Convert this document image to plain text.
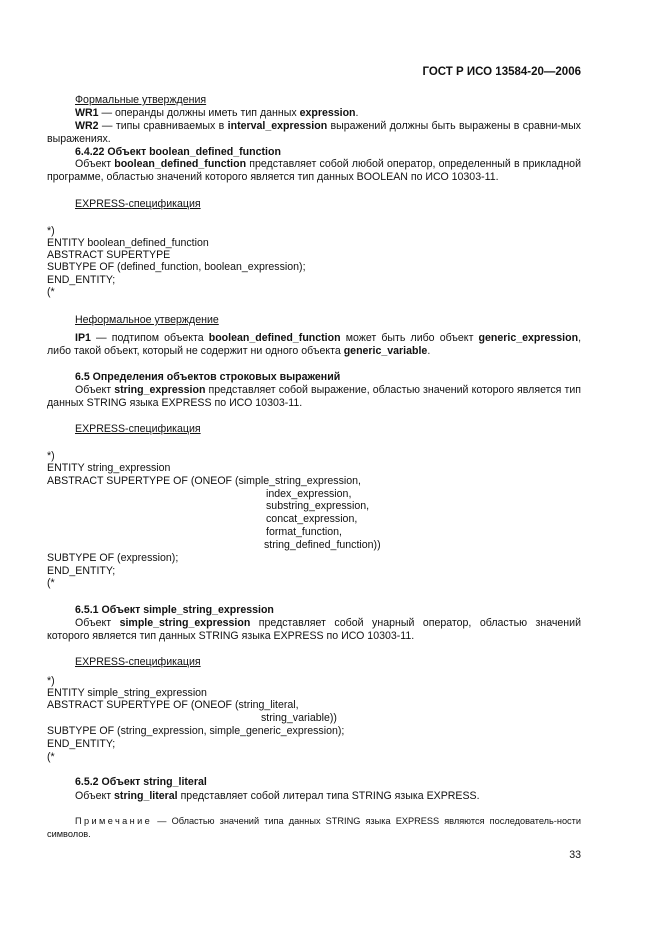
ГОСТ Р ИСО 13584-20—2006
Формальные утверждения
WR1 — операнды должны иметь тип данных expression.
WR2 — типы сравниваемых в interval_expression выражений должны быть выражены в сравни-мых выражениях.
6.4.22 Объект boolean_defined_function
Объект boolean_defined_function представляет собой любой оператор, определенный в прикладной программе, областью значений которого является тип данных BOOLEAN по ИСО 10303-11.
EXPRESS-спецификация
*)
ENTITY boolean_defined_function
ABSTRACT SUPERTYPE
SUBTYPE OF (defined_function, boolean_expression);
END_ENTITY;
(*
Неформальное утверждение
IP1 — подтипом объекта boolean_defined_function может быть либо объект generic_expression, либо такой объект, который не содержит ни одного объекта generic_variable.
6.5 Определения объектов строковых выражений
Объект string_expression представляет собой выражение, областью значений которого является тип данных STRING языка EXPRESS по ИСО 10303-11.
EXPRESS-спецификация
*)
ENTITY string_expression
ABSTRACT SUPERTYPE OF (ONEOF (simple_string_expression,
index_expression,
substring_expression,
concat_expression,
format_function,
string_defined_function))
SUBTYPE OF (expression);
END_ENTITY;
(*
6.5.1 Объект simple_string_expression
Объект simple_string_expression представляет собой унарный оператор, областью значений которого является тип данных STRING языка EXPRESS по ИСО 10303-11.
EXPRESS-спецификация
*)
ENTITY simple_string_expression
ABSTRACT SUPERTYPE OF (ONEOF (string_literal,
string_variable))
SUBTYPE OF (string_expression, simple_generic_expression);
END_ENTITY;
(*
6.5.2 Объект string_literal
Объект string_literal представляет собой литерал типа STRING языка EXPRESS.
Примечание — Областью значений типа данных STRING языка EXPRESS являются последователь-ности символов.
33
